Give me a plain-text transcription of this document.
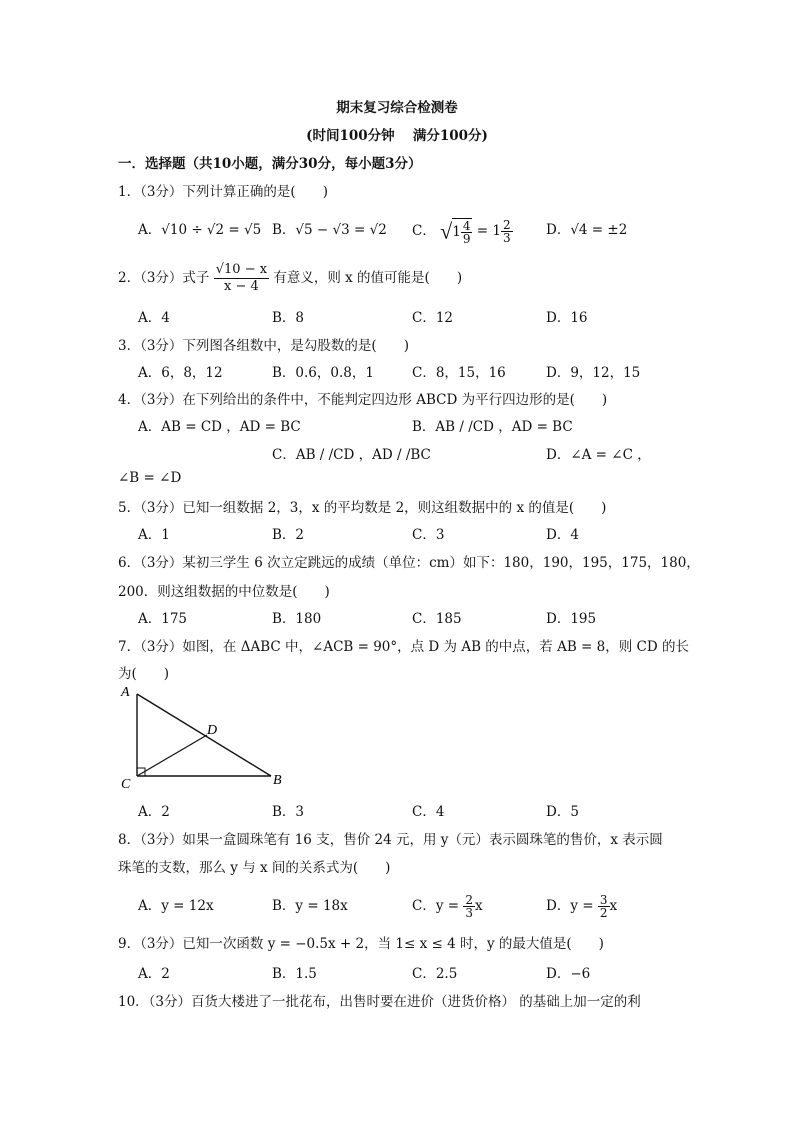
期末复习综合检测卷
(时间100分钟　 满分100分)
一．选择题（共10小题，满分30分，每小题3分）
1．（3分）下列计算正确的是(　　)
A．√10 ÷ √2 = √5 B．√5 − √3 = √2 C． $√1 \frac{4}{9} = 1 \frac{2}{3}$ D．√4 = ±2
2．（3分）式子 $\frac{√10 - x}{x - 4}$ 有意义，则 x 的值可能是(　　)
A．4	B．8	C．12	D．16
3．（3分）下列图各组数中，是勾股数的是(　　)
A．6，8，12	B．0.6，0.8，1	C．8，15，16	D．9，12，15
4．（3分）在下列给出的条件中，不能判定四边形 ABCD 为平行四边形的是(　　)
A．AB = CD ，AD = BC	B．AB / /CD ，AD = BC
C．AB / /CD ，AD / /BC	D．∠A = ∠C ，
∠B = ∠D
5．（3分）已知一组数据 2，3，x 的平均数是 2，则这组数据中的 x 的值是(　　)
A．1	B．2	C．3	D．4
6．（3分）某初三学生 6 次立定跳远的成绩（单位：cm）如下：180，190，195，175，180，
200．则这组数据的中位数是(　　)
A．175	B．180	C．185	D．195
7．（3分）如图，在 ΔABC 中，∠ACB = 90°，点 D 为 AB 的中点，若 AB = 8，则 CD 的长
为(　　)
A
C	B
D
A．2	B．3	C．4	D．5
8．（3分）如果一盒圆珠笔有 16 支，售价 24 元，用 y（元）表示圆珠笔的售价，x 表示圆
珠笔的支数，那么 y 与 x 间的关系式为(　　)
A．y = 12x	B．y = 18x	C．$y = \frac{2}{3}$ x	D．$y = \frac{3}{2}$ x
9．（3分）已知一次函数 y = −0.5x + 2，当 1≤ x ≤ 4 时，y 的最大值是(　　)
A．2	B．1.5	C．2.5	D．−6
10．（3分）百货大楼进了一批花布，出售时要在进价（进货价格） 的基础上加一定的利
